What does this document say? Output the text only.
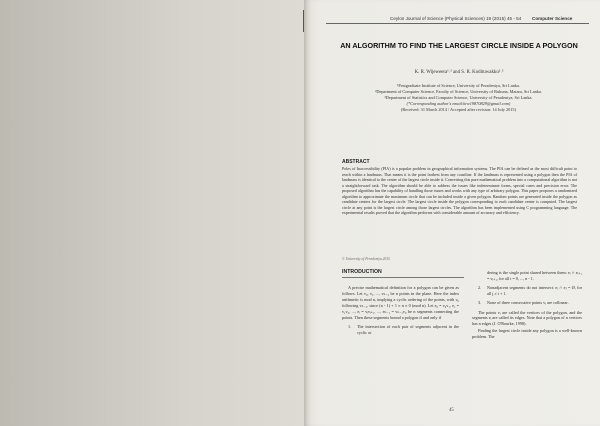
Ceylon Journal of Science (Physical Sciences) 19 (2015) 45 - 54 Computer Science
AN ALGORITHM TO FIND THE LARGEST CIRCLE INSIDE A POLYGON
K. R. Wijeweera¹˒³ and S. R. Kodituwakku²˒³
¹Postgraduate Institute of Science, University of Peradeniya, Sri Lanka.
²Department of Computer Science, Faculty of Science, University of Ruhuna, Matara, Sri Lanka.
³Department of Statistics and Computer Science, University of Peradeniya, Sri Lanka.
(*Corresponding author's email:krw19870829@gmail.com)
(Received: 31 March 2014 / Accepted after revision: 14 July 2015)
ABSTRACT
Poles of Inaccessibility (PIA) is a popular problem in geographical information systems. The PIA can be defined as the most difficult point to reach within a landmass. That means it is the point farthest from any coastline. If the landmass is represented using a polygon then the PIA of landmass is identical to the center of the largest circle inside it. Converting this pure mathematical problem into a computational algorithm is not a straightforward task. The algorithm should be able to address the issues like indeterminate forms, special cases and precision error. The proposed algorithm has the capability of handling those issues and works with any type of arbitrary polygon. This paper proposes a randomized algorithm to approximate the maximum circle that can be included inside a given polygon. Random points are generated inside the polygon as candidate centers for the largest circle. The largest circle inside the polygon corresponding to each candidate center is computed. The largest circle at any point is the largest circle among those largest circles. The algorithm has been implemented using C programming language. The experimental results proved that the algorithm performs with considerable amount of accuracy and efficiency.
© University of Peradeniya 2015
INTRODUCTION
A precise mathematical definition for a polygon can be given as follows. Let v₀, v₁, ..., vₙ₋₁ be n points in the plane. Here the index arithmetic is mod n, implying a cyclic ordering of the points, with v₀ following vₙ₋₁, since (n - 1) + 1 ≡ n ≡ 0 (mod n). Let e₀ = v₀v₁, e₁ = v₁v₂, ..., eᵢ = vᵢvᵢ₊₁, ..., eₙ₋₁ = vₙ₋₁v₀ be n segments connecting the points. Then these segments bound a polygon if and only if
1.	The intersection of each pair of segments adjacent in the cyclic or
dering is the single point shared between them: eᵢ ∩ eᵢ₊₁ = vᵢ₊₁, for all i = 0, ..., n - 1.
2.	Nonadjacent segments do not intersect: eᵢ ∩ eⱼ = Ø, for all j ≠ i + 1.
3.	None of three consecutive points vᵢ are collinear.
The points vᵢ are called the vertices of the polygon, and the segments eᵢ are called its edges. Note that a polygon of n vertices has n edges (J. O'Rourke, 1998).
Finding the largest circle inside any polygon is a well-known problem. The
45
